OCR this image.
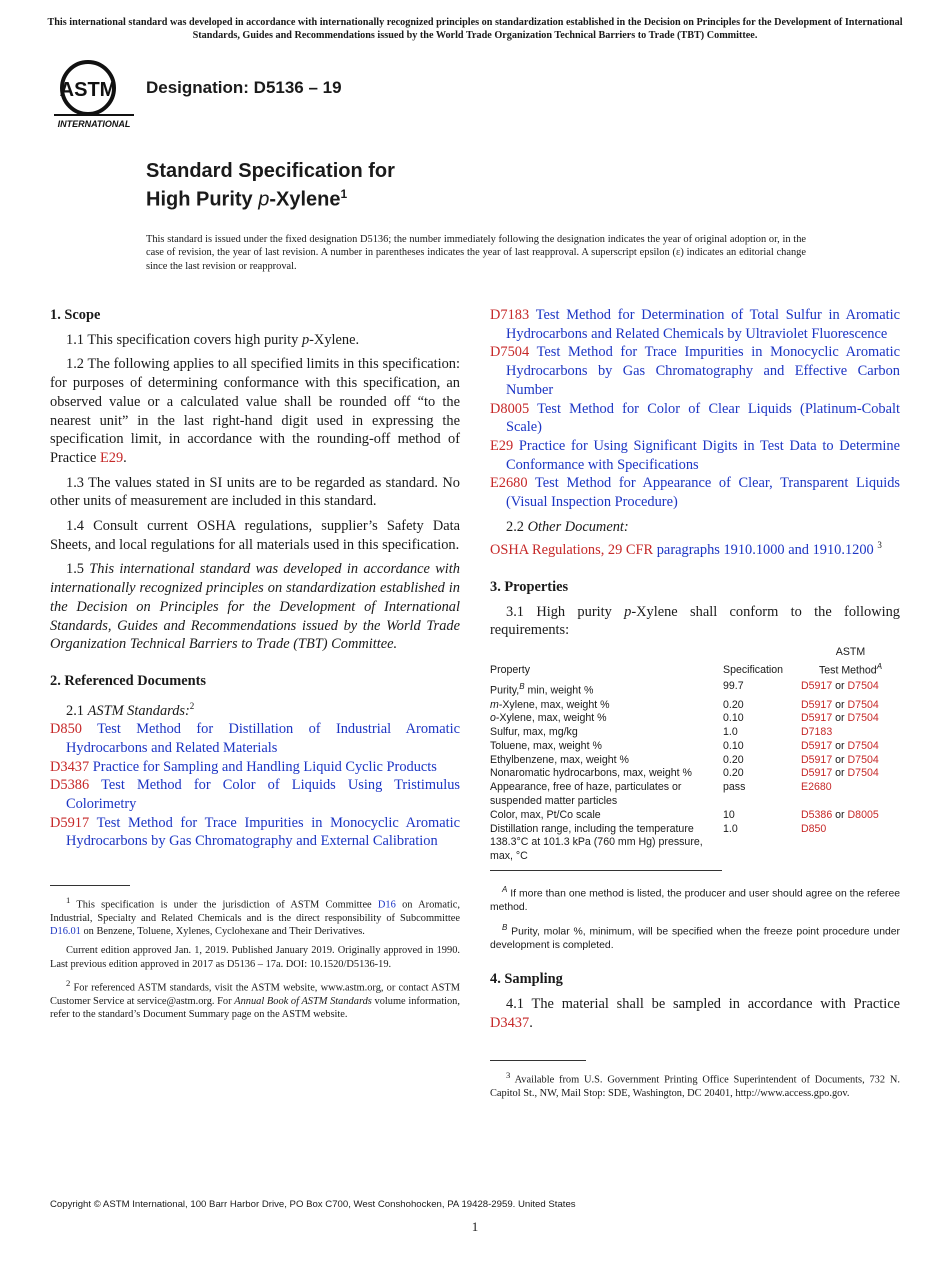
This international standard was developed in accordance with internationally recognized principles on standardization established in the Decision on Principles for the Development of International Standards, Guides and Recommendations issued by the World Trade Organization Technical Barriers to Trade (TBT) Committee.
ASTM
INTERNATIONAL
Designation: D5136 – 19
Standard Specification for
High Purity p-Xylene$^1$
This standard is issued under the fixed designation D5136; the number immediately following the designation indicates the year of original adoption or, in the case of revision, the year of last revision. A number in parentheses indicates the year of last reapproval. A superscript epsilon (ε) indicates an editorial change since the last revision or reapproval.
1. Scope

1.1 This specification covers high purity p-Xylene.

1.2 The following applies to all specified limits in this specification: for purposes of determining conformance with this specification, an observed value or a calculated value shall be rounded off “to the nearest unit” in the last right-hand digit used in expressing the specification limit, in accordance with the rounding-off method of Practice E29.

1.3 The values stated in SI units are to be regarded as standard. No other units of measurement are included in this standard.

1.4 Consult current OSHA regulations, supplier’s Safety Data Sheets, and local regulations for all materials used in this specification.

1.5 This international standard was developed in accordance with internationally recognized principles on standardization established in the Decision on Principles for the Development of International Standards, Guides and Recommendations issued by the World Trade Organization Technical Barriers to Trade (TBT) Committee.

2. Referenced Documents

2.1 ASTM Standards:$^2$

D850 Test Method for Distillation of Industrial Aromatic Hydrocarbons and Related Materials
D3437 Practice for Sampling and Handling Liquid Cyclic Products
D5386 Test Method for Color of Liquids Using Tristimulus Colorimetry
D5917 Test Method for Trace Impurities in Monocyclic Aromatic Hydrocarbons by Gas Chromatography and External Calibration

$^1$ This specification is under the jurisdiction of ASTM Committee D16 on Aromatic, Industrial, Specialty and Related Chemicals and is the direct responsibility of Subcommittee D16.01 on Benzene, Toluene, Xylenes, Cyclohexane and Their Derivatives.

Current edition approved Jan. 1, 2019. Published January 2019. Originally approved in 1990. Last previous edition approved in 2017 as D5136 – 17a. DOI: 10.1520/D5136-19.

$^2$ For referenced ASTM standards, visit the ASTM website, www.astm.org, or contact ASTM Customer Service at service@astm.org. For Annual Book of ASTM Standards volume information, refer to the standard’s Document Summary page on the ASTM website.

D7183 Test Method for Determination of Total Sulfur in Aromatic Hydrocarbons and Related Chemicals by Ultraviolet Fluorescence
D7504 Test Method for Trace Impurities in Monocyclic Aromatic Hydrocarbons by Gas Chromatography and Effective Carbon Number
D8005 Test Method for Color of Clear Liquids (Platinum-Cobalt Scale)
E29 Practice for Using Significant Digits in Test Data to Determine Conformance with Specifications
E2680 Test Method for Appearance of Clear, Transparent Liquids (Visual Inspection Procedure)

2.2 Other Document:

OSHA Regulations, 29 CFR paragraphs 1910.1000 and 1910.1200 $^3$
3. Properties

3.1 High purity p-Xylene shall conform to the following requirements:

Property	Specification	ASTM
Test Method$^A$

Purity,$^B$ min, weight %	99.7	D5917 or D7504
m-Xylene, max, weight %	0.20	D5917 or D7504
o-Xylene, max, weight %	0.10	D5917 or D7504
Sulfur, max, mg/kg	1.0	D7183
Toluene, max, weight %	0.10	D5917 or D7504
Ethylbenzene, max, weight %	0.20	D5917 or D7504
Nonaromatic hydrocarbons, max, weight %	0.20	D5917 or D7504
Appearance, free of haze, particulates or suspended matter particles	pass	E2680
Color, max, Pt/Co scale	10	D5386 or D8005
Distillation range, including the temperature 138.3°C at 101.3 kPa (760 mm Hg) pressure, max, °C	1.0	D850

$^A$ If more than one method is listed, the producer and user should agree on the referee method.

$^B$ Purity, molar %, minimum, will be specified when the freeze point procedure under development is completed.

4. Sampling

4.1 The material shall be sampled in accordance with Practice D3437.

$^3$ Available from U.S. Government Printing Office Superintendent of Documents, 732 N. Capitol St., NW, Mail Stop: SDE, Washington, DC 20401, http://www.access.gpo.gov.

Copyright © ASTM International, 100 Barr Harbor Drive, PO Box C700, West Conshohocken, PA 19428-2959. United States
1
